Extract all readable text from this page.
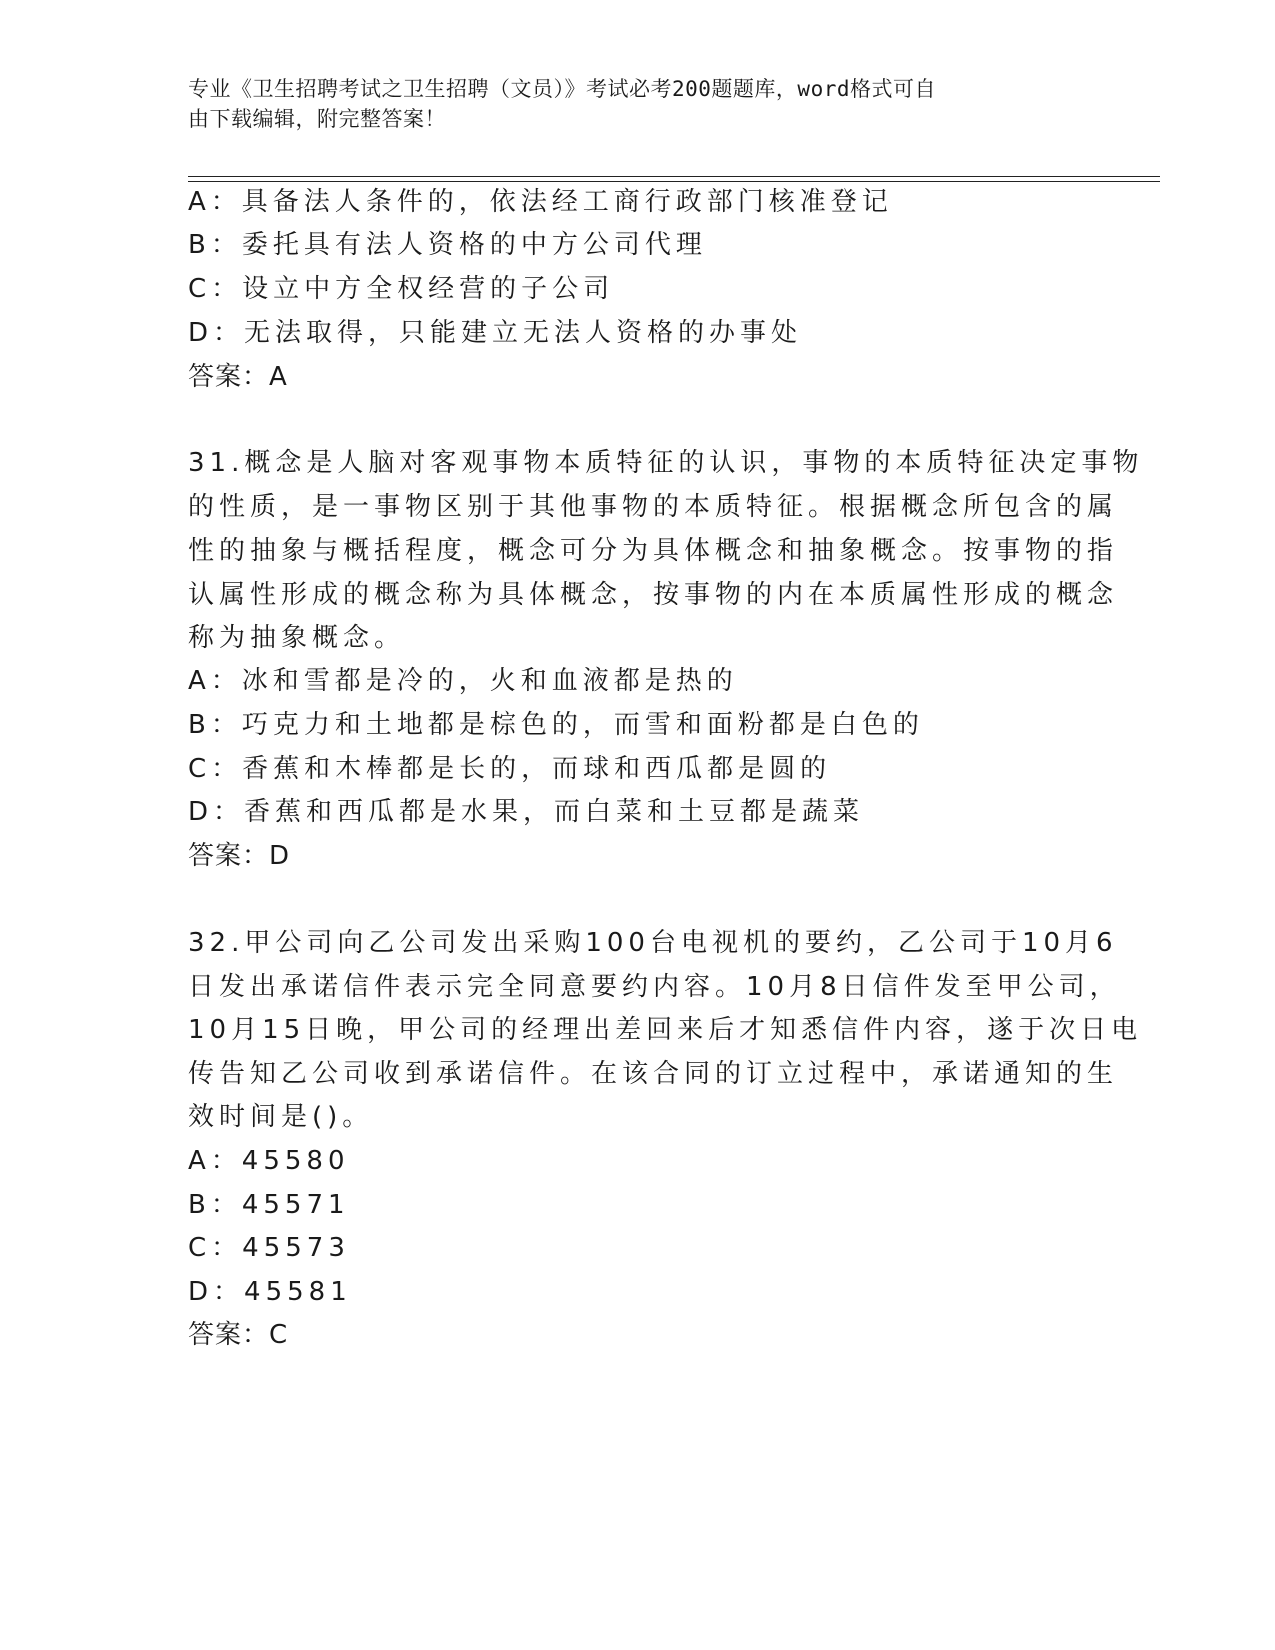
专业《卫生招聘考试之卫生招聘（文员）》考试必考200题题库，word格式可自
由下载编辑，附完整答案！
A：具备法人条件的，依法经工商行政部门核准登记
B：委托具有法人资格的中方公司代理
C：设立中方全权经营的子公司
D：无法取得，只能建立无法人资格的办事处
答案：A
31.概念是人脑对客观事物本质特征的认识，事物的本质特征决定事物
的性质，是一事物区别于其他事物的本质特征。根据概念所包含的属
性的抽象与概括程度，概念可分为具体概念和抽象概念。按事物的指
认属性形成的概念称为具体概念，按事物的内在本质属性形成的概念
称为抽象概念。
A：冰和雪都是冷的，火和血液都是热的
B：巧克力和土地都是棕色的，而雪和面粉都是白色的
C：香蕉和木棒都是长的，而球和西瓜都是圆的
D：香蕉和西瓜都是水果，而白菜和土豆都是蔬菜
答案：D
32.甲公司向乙公司发出采购100台电视机的要约，乙公司于10月6
日发出承诺信件表示完全同意要约内容。10月8日信件发至甲公司，
10月15日晚，甲公司的经理出差回来后才知悉信件内容，遂于次日电
传告知乙公司收到承诺信件。在该合同的订立过程中，承诺通知的生
效时间是()。
A：45580
B：45571
C：45573
D：45581
答案：C
